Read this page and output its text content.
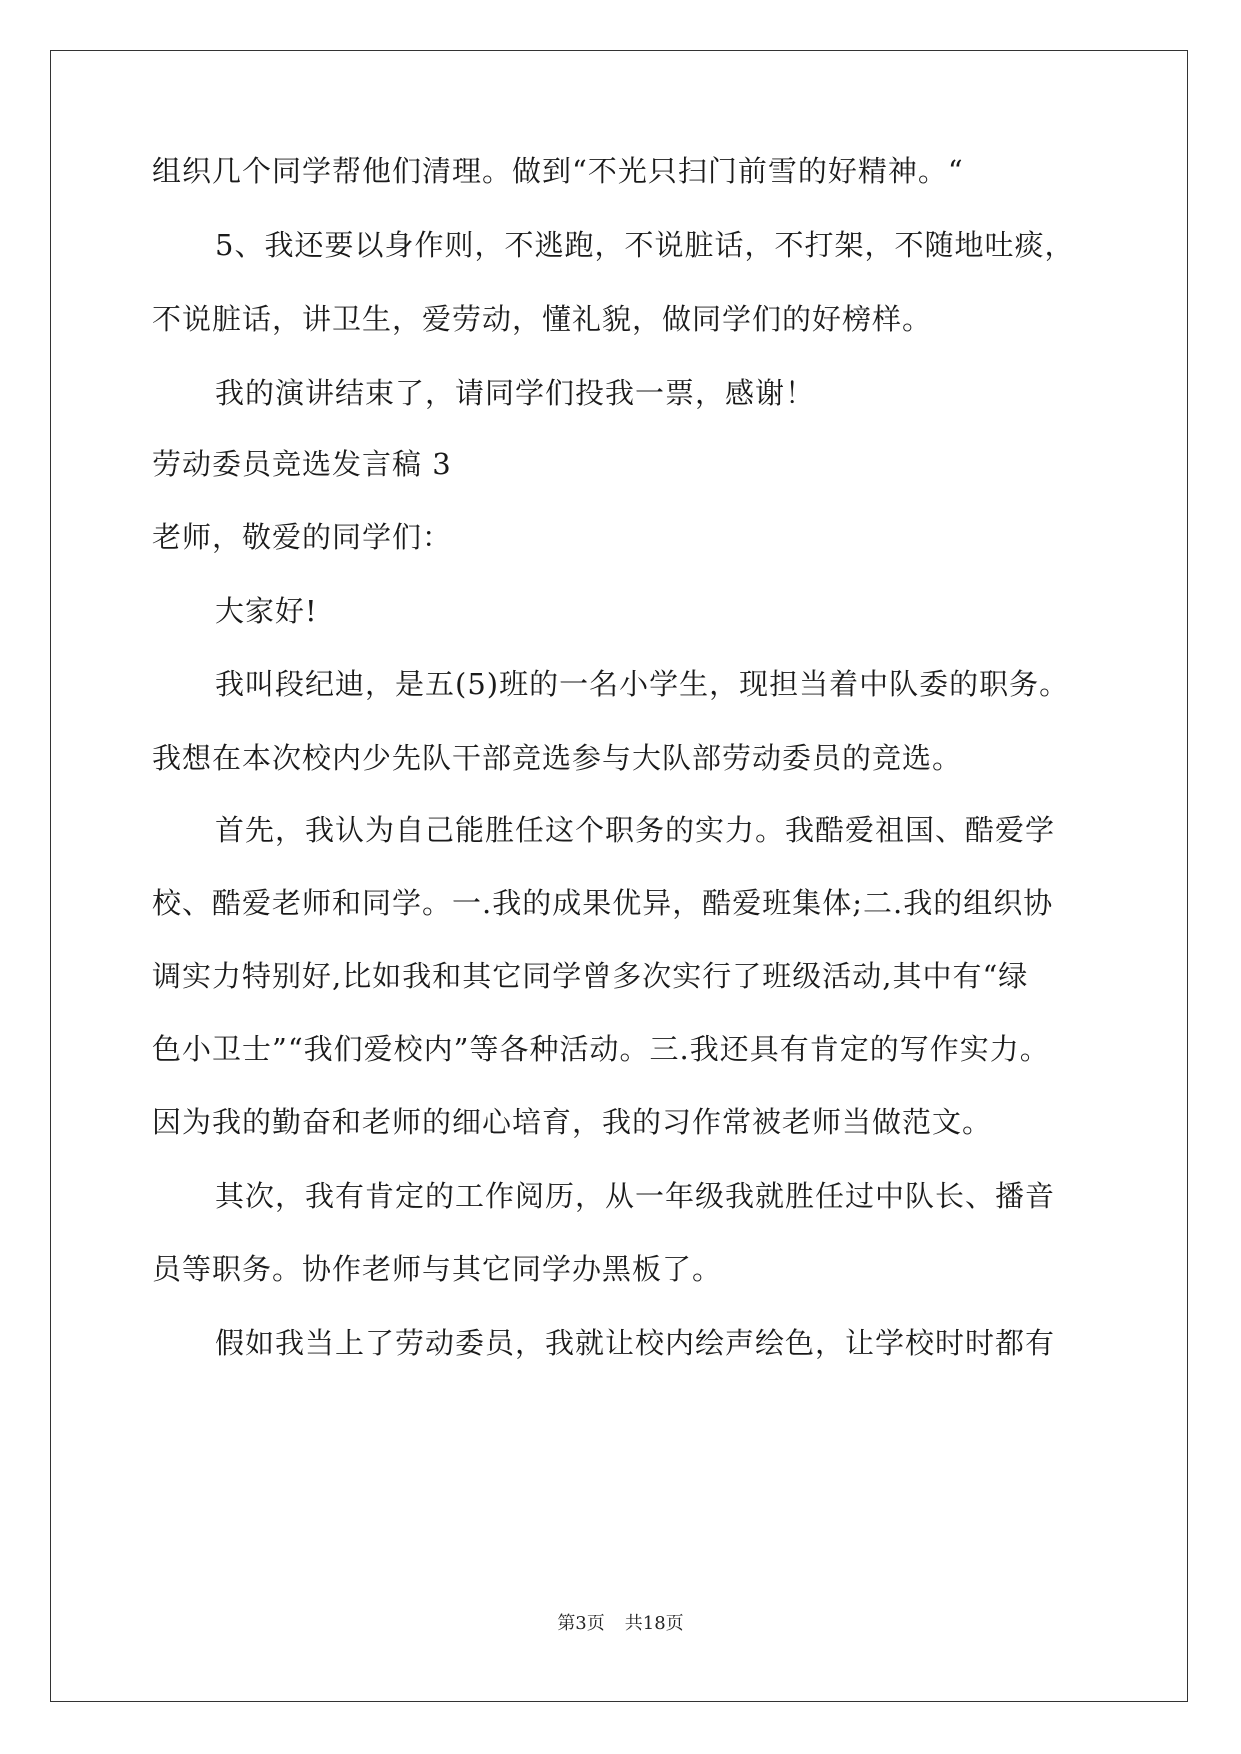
组织几个同学帮他们清理。做到“不光只扫门前雪的好精神。“

5、我还要以身作则，不逃跑，不说脏话，不打架，不随地吐痰，

不说脏话，讲卫生，爱劳动，懂礼貌，做同学们的好榜样。

我的演讲结束了，请同学们投我一票，感谢！

劳动委员竞选发言稿 3

老师，敬爱的同学们：

大家好!

我叫段纪迪，是五(5)班的一名小学生，现担当着中队委的职务。

我想在本次校内少先队干部竞选参与大队部劳动委员的竞选。

首先，我认为自己能胜任这个职务的实力。我酷爱祖国、酷爱学

校、酷爱老师和同学。一.我的成果优异，酷爱班集体;二.我的组织协

调实力特别好,比如我和其它同学曾多次实行了班级活动,其中有“绿

色小卫士”“我们爱校内”等各种活动。三.我还具有肯定的写作实力。

因为我的勤奋和老师的细心培育，我的习作常被老师当做范文。

其次，我有肯定的工作阅历，从一年级我就胜任过中队长、播音

员等职务。协作老师与其它同学办黑板了。

假如我当上了劳动委员，我就让校内绘声绘色，让学校时时都有

第3页 共18页
